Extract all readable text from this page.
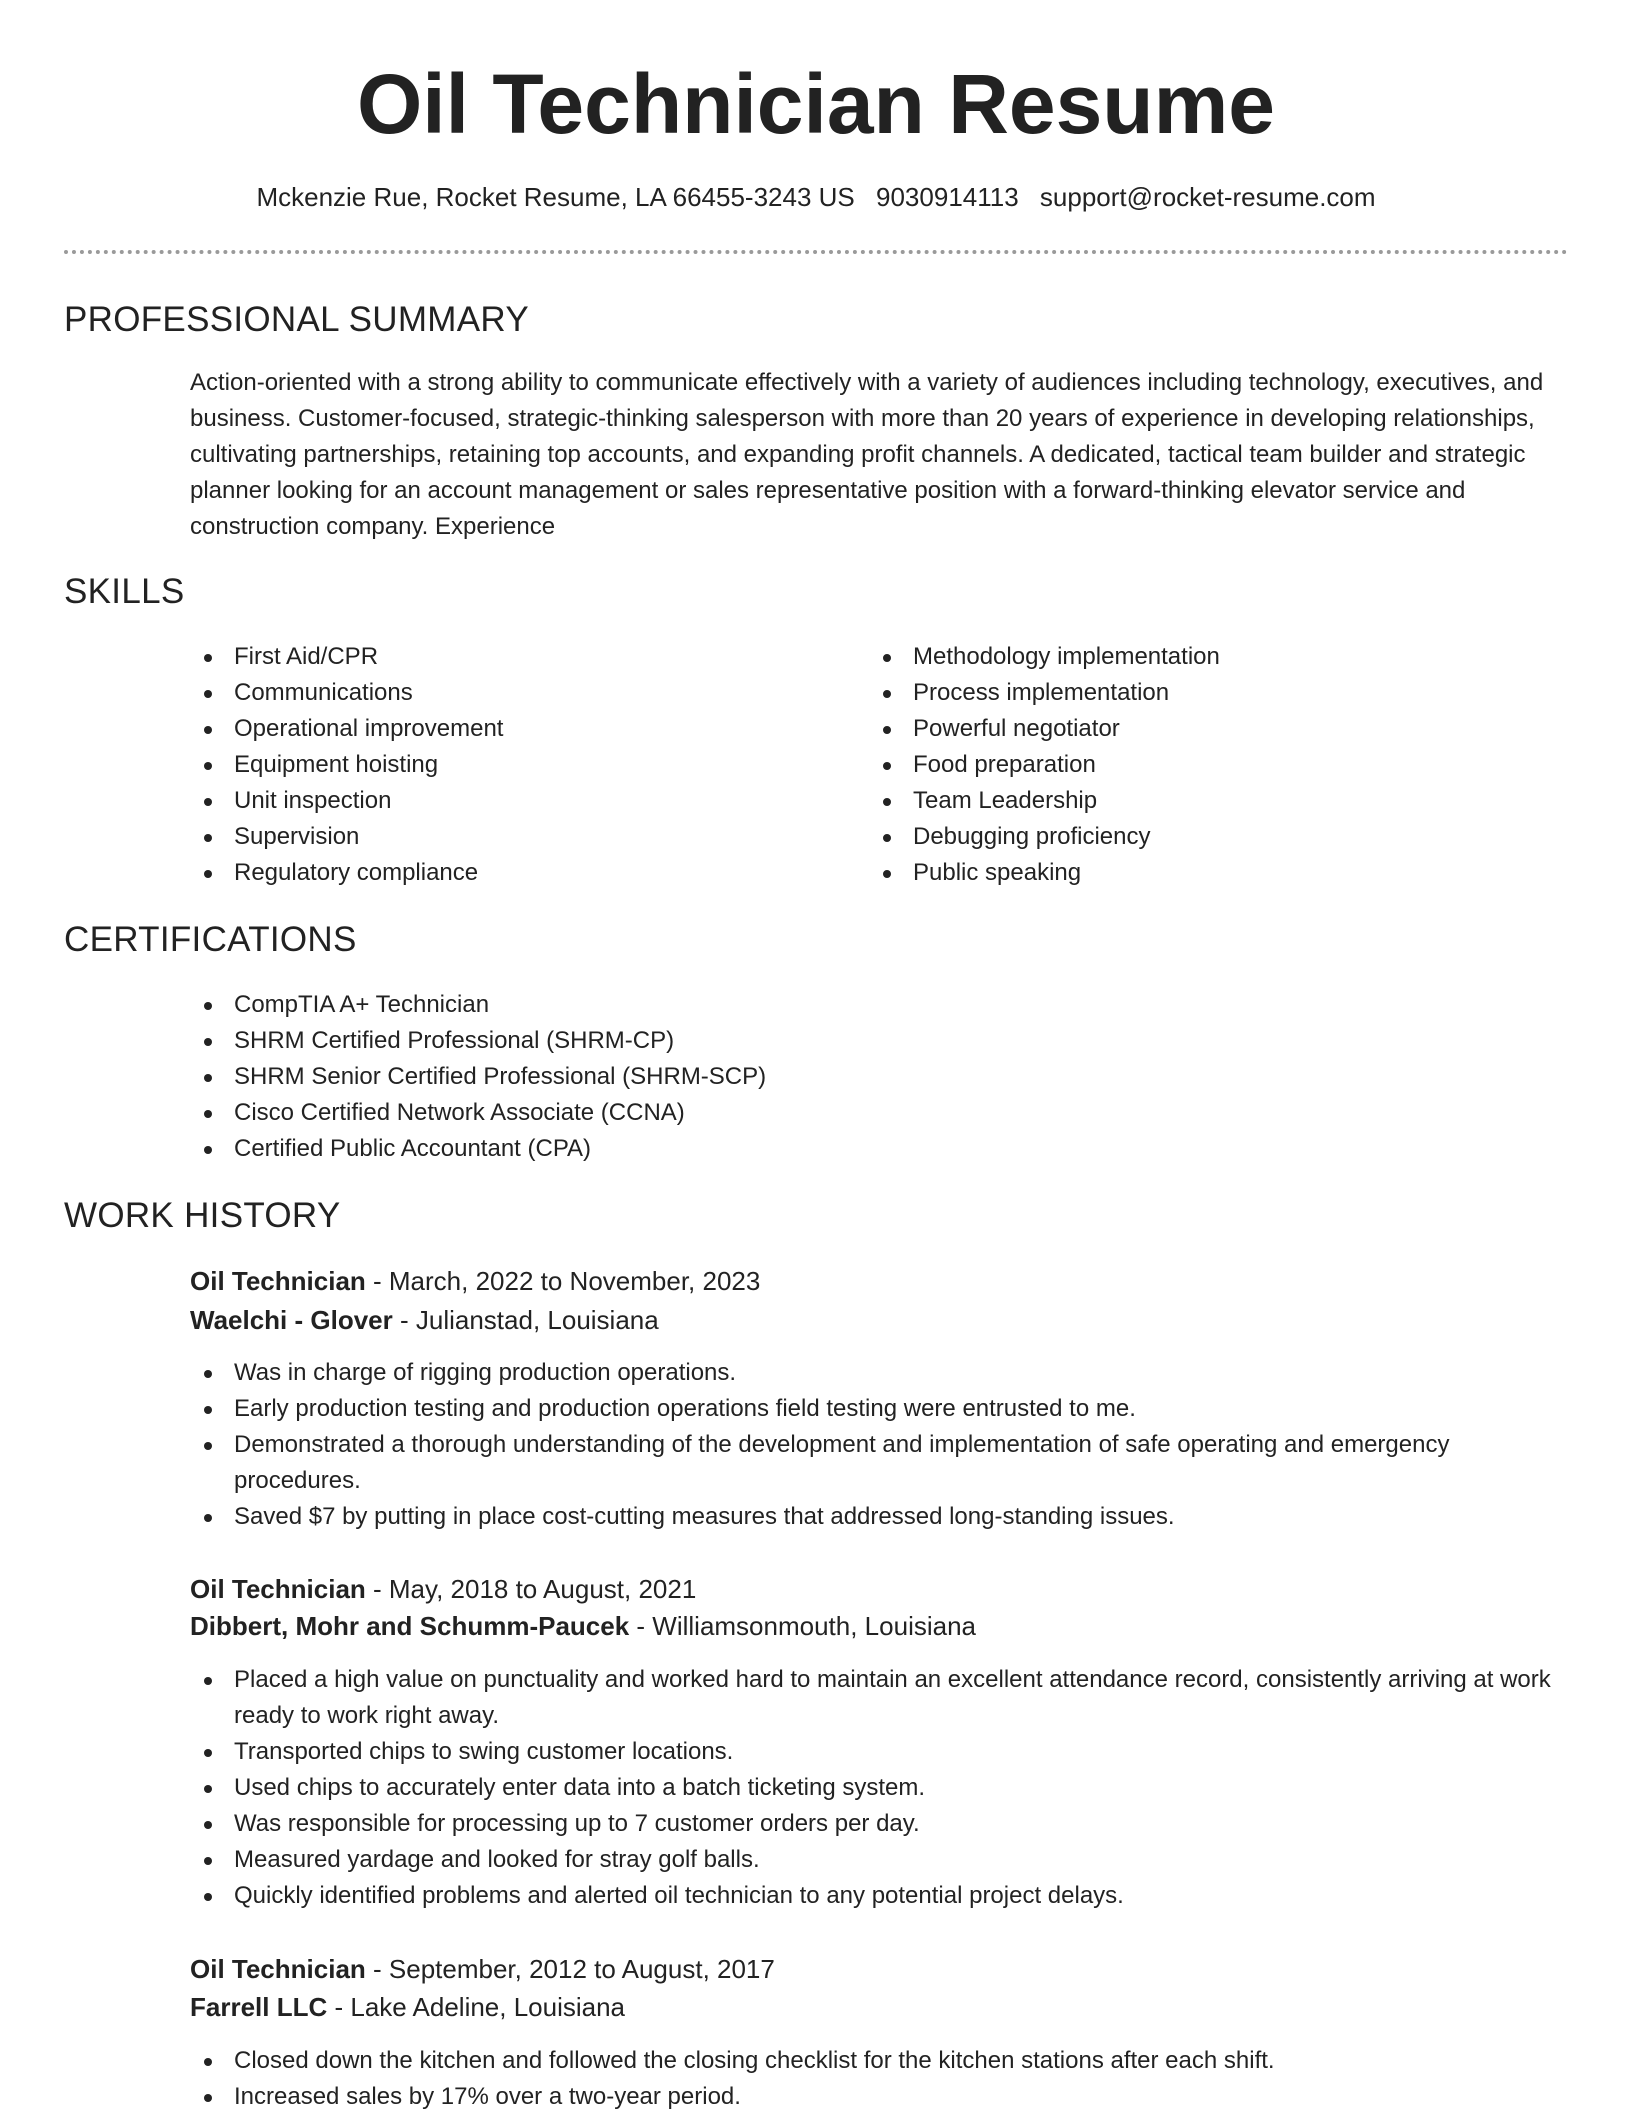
Oil Technician Resume
Mckenzie Rue, Rocket Resume, LA 66455-3243 US 9030914113 support@rocket-resume.com
PROFESSIONAL SUMMARY

Action-oriented with a strong ability to communicate effectively with a variety of audiences including technology, executives, and business. Customer-focused, strategic-thinking salesperson with more than 20 years of experience in developing relationships, cultivating partnerships, retaining top accounts, and expanding profit channels. A dedicated, tactical team builder and strategic planner looking for an account management or sales representative position with a forward-thinking elevator service and construction company. Experience

SKILLS
First Aid/CPR
Communications
Operational improvement
Equipment hoisting
Unit inspection
Supervision
Regulatory compliance
Methodology implementation
Process implementation
Powerful negotiator
Food preparation
Team Leadership
Debugging proficiency
Public speaking
CERTIFICATIONS
CompTIA A+ Technician
SHRM Certified Professional (SHRM-CP)
SHRM Senior Certified Professional (SHRM-SCP)
Cisco Certified Network Associate (CCNA)
Certified Public Accountant (CPA)
WORK HISTORY
Oil Technician - March, 2022 to November, 2023
Waelchi - Glover - Julianstad, Louisiana
Was in charge of rigging production operations.
Early production testing and production operations field testing were entrusted to me.
Demonstrated a thorough understanding of the development and implementation of safe operating and emergency procedures.
Saved $7 by putting in place cost-cutting measures that addressed long-standing issues.
Oil Technician - May, 2018 to August, 2021
Dibbert, Mohr and Schumm-Paucek - Williamsonmouth, Louisiana
Placed a high value on punctuality and worked hard to maintain an excellent attendance record, consistently arriving at work ready to work right away.
Transported chips to swing customer locations.
Used chips to accurately enter data into a batch ticketing system.
Was responsible for processing up to 7 customer orders per day.
Measured yardage and looked for stray golf balls.
Quickly identified problems and alerted oil technician to any potential project delays.
Oil Technician - September, 2012 to August, 2017
Farrell LLC - Lake Adeline, Louisiana
Closed down the kitchen and followed the closing checklist for the kitchen stations after each shift.
Increased sales by 17% over a two-year period.
